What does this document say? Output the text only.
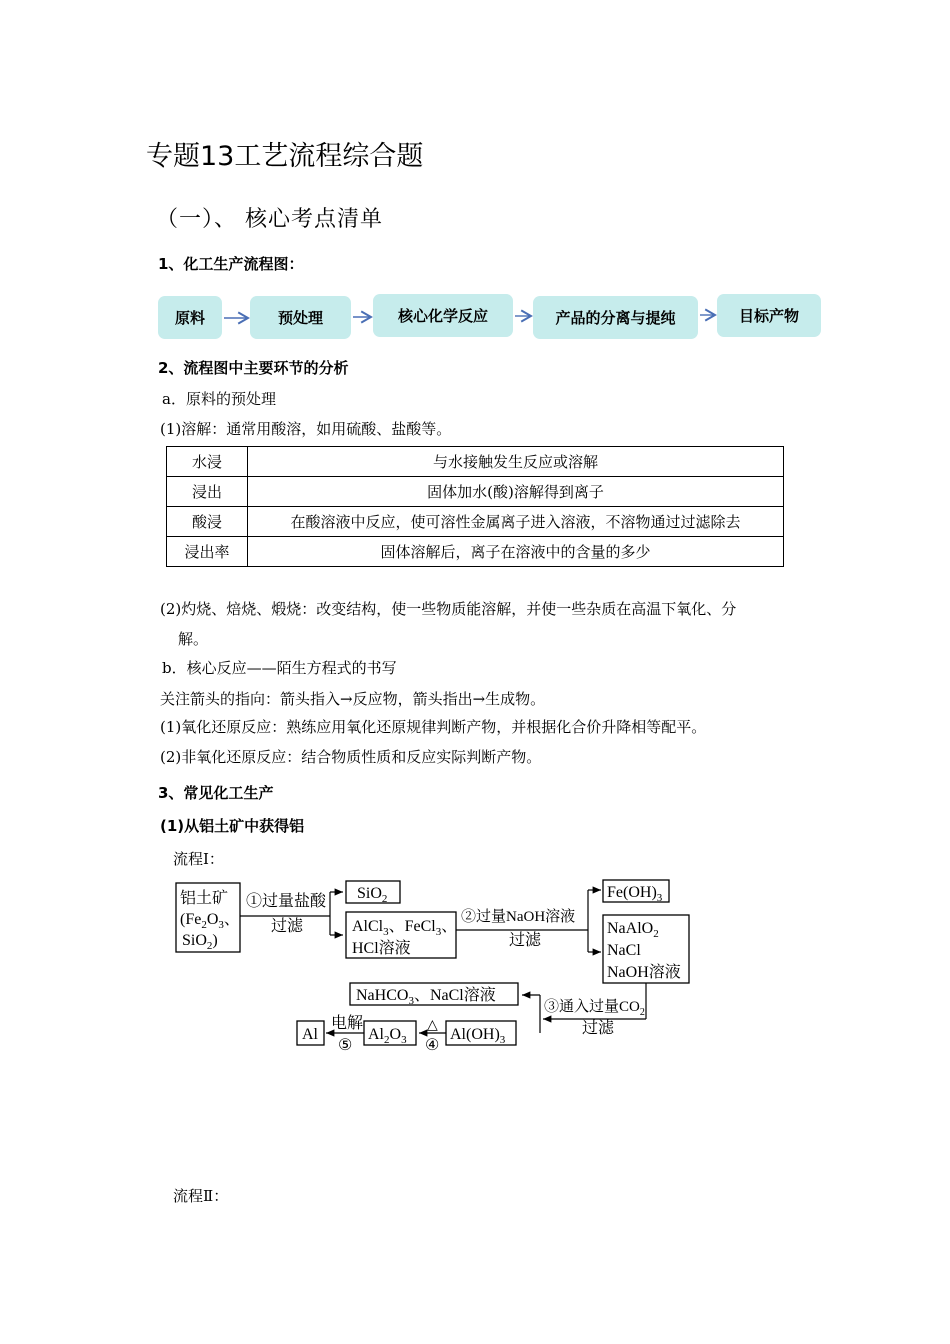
专题13工艺流程综合题
（一）、 核心考点清单
1、化工生产流程图：
原料	预处理	核心化学反应	产品的分离与提纯	目标产物
2、流程图中主要环节的分析
a．原料的预处理
(1)溶解：通常用酸溶，如用硫酸、盐酸等。
水浸	与水接触发生反应或溶解
浸出	固体加水(酸)溶解得到离子
酸浸	在酸溶液中反应，使可溶性金属离子进入溶液，不溶物通过过滤除去
浸出率	固体溶解后，离子在溶液中的含量的多少
(2)灼烧、焙烧、煅烧：改变结构，使一些物质能溶解，并使一些杂质在高温下氧化、分
解。
b．核心反应——陌生方程式的书写
关注箭头的指向：箭头指入→反应物，箭头指出→生成物。
(1)氧化还原反应：熟练应用氧化还原规律判断产物，并根据化合价升降相等配平。
(2)非氧化还原反应：结合物质性质和反应实际判断产物。
3、常见化工生产
(1)从铝土矿中获得铝
流程Ⅰ：
铝土矿
($Fe_2O_3$、
SiO$_2$)
①过量盐酸
过滤
SiO$_2$
AlCl$_3$、FeCl$_3$、
HCl溶液
②过量NaOH溶液
过滤
$Fe(OH)_3$
NaAlO$_2$
NaCl
NaOH溶液
③通入过量$CO_2$
过滤
NaHCO$_3$、NaCl溶液
$Al(OH)_3$
△
④
$Al_2O_3$
电解
⑤
Al
流程Ⅱ：
